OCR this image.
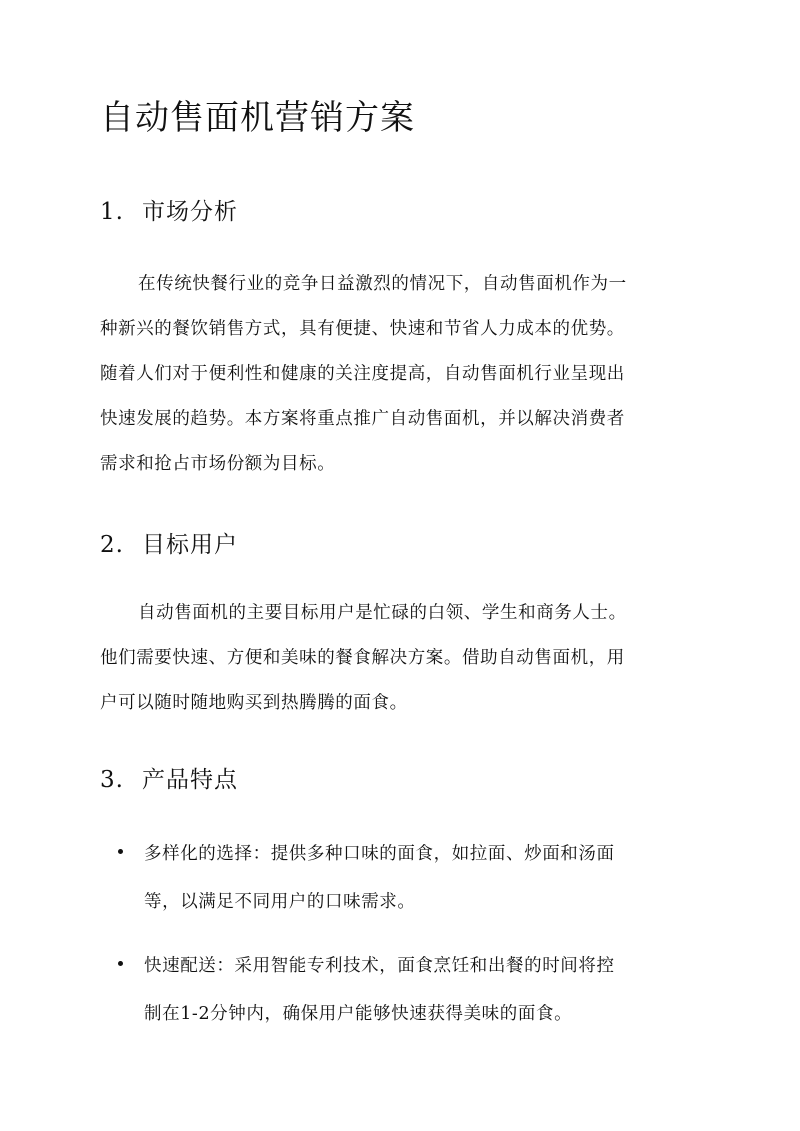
自动售面机营销方案
1. 市场分析
在传统快餐行业的竞争日益激烈的情况下，自动售面机作为一
种新兴的餐饮销售方式，具有便捷、快速和节省人力成本的优势。
随着人们对于便利性和健康的关注度提高，自动售面机行业呈现出
快速发展的趋势。本方案将重点推广自动售面机，并以解决消费者
需求和抢占市场份额为目标。
2. 目标用户
自动售面机的主要目标用户是忙碌的白领、学生和商务人士。
他们需要快速、方便和美味的餐食解决方案。借助自动售面机，用
户可以随时随地购买到热腾腾的面食。
3. 产品特点
多样化的选择：提供多种口味的面食，如拉面、炒面和汤面
等，以满足不同用户的口味需求。
快速配送：采用智能专利技术，面食烹饪和出餐的时间将控
制在1-2分钟内，确保用户能够快速获得美味的面食。
